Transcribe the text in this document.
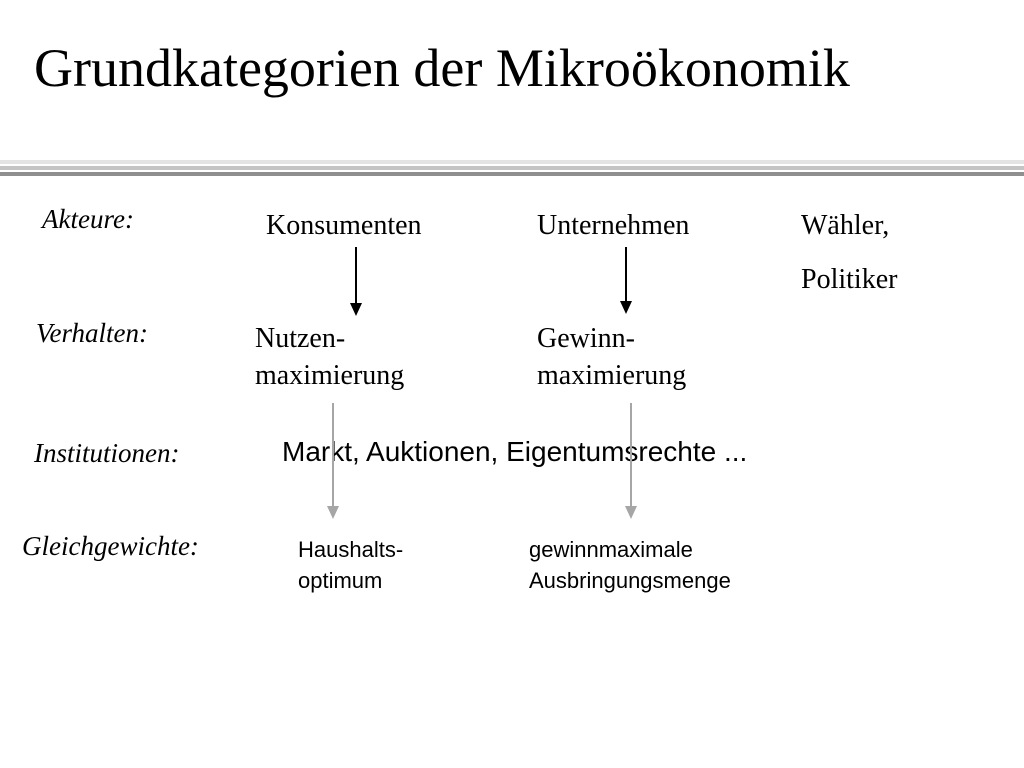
Grundkategorien der Mikroökonomik
Akteure:
Verhalten:
Institutionen:
Gleichgewichte:
Konsumenten	Unternehmen	Wähler,
Politiker
Nutzen-
maximierung
Gewinn-
maximierung
Markt, Auktionen, Eigentumsrechte ...
Haushalts-
optimum
gewinnmaximale
Ausbringungsmenge
